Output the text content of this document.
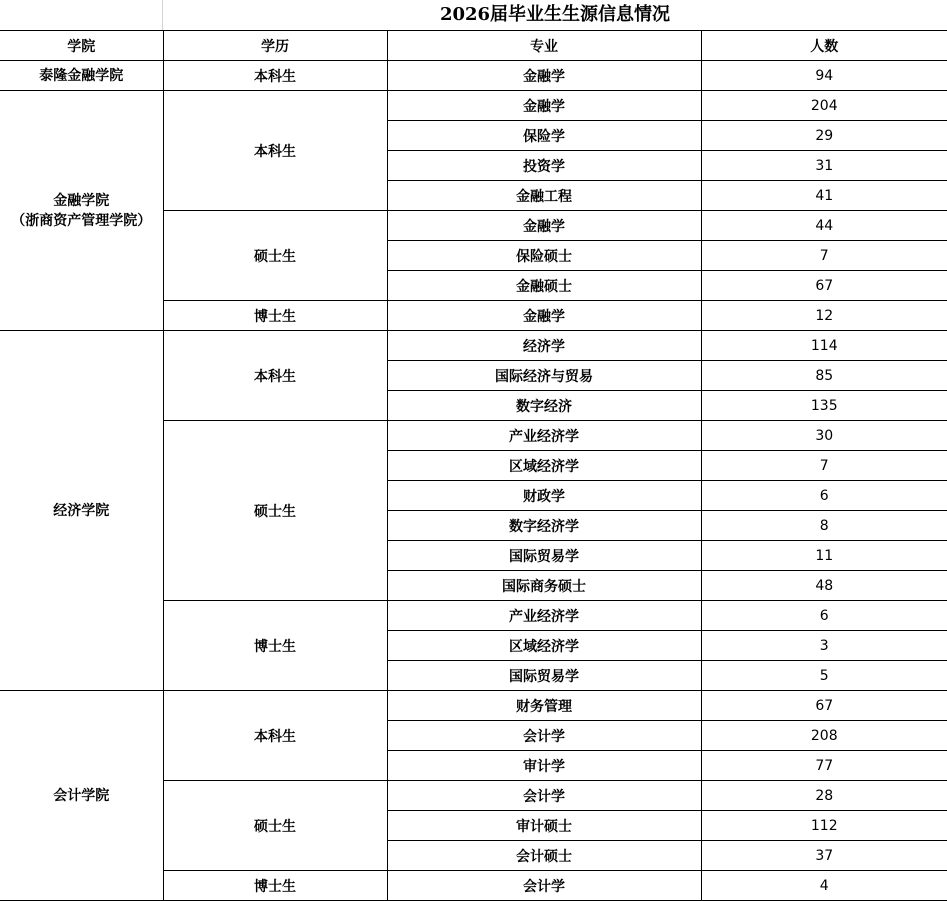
2026届毕业生生源信息情况
学院	学历	专业	人数

泰隆金融学院	本科生	金融学	94

金融学院
（浙商资产管理学院）	本科生	金融学	204
		保险学	29
		投资学	31
		金融工程	41
	硕士生	金融学	44
		保险硕士	7
		金融硕士	67
	博士生	金融学	12

经济学院	本科生	经济学	114
		国际经济与贸易	85
		数字经济	135
	硕士生	产业经济学	30
		区域经济学	7
		财政学	6
		数字经济学	8
		国际贸易学	11
		国际商务硕士	48
	博士生	产业经济学	6
		区域经济学	3
		国际贸易学	5

会计学院	本科生	财务管理	67
		会计学	208
		审计学	77
	硕士生	会计学	28
		审计硕士	112
		会计硕士	37
	博士生	会计学	4
